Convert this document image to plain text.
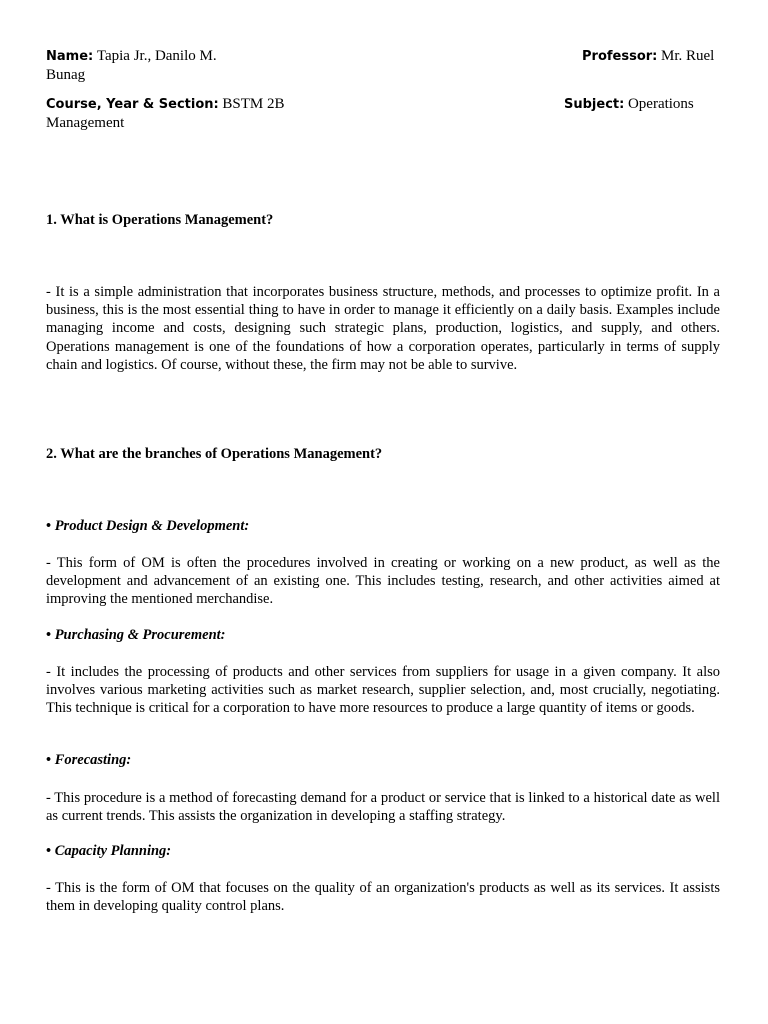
Name: Tapia Jr., Danilo M. Bunag
Professor: Mr. Ruel
Course, Year & Section: BSTM 2B	Subject: Operations Management

1. What is Operations Management?

- It is a simple administration that incorporates business structure, methods, and processes to optimize profit. In a business, this is the most essential thing to have in order to manage it efficiently on a daily basis. Examples include managing income and costs, designing such strategic plans, production, logistics, and supply, and others. Operations management is one of the foundations of how a corporation operates, particularly in terms of supply chain and logistics. Of course, without these, the firm may not be able to survive.

2. What are the branches of Operations Management?

• Product Design & Development:

- This form of OM is often the procedures involved in creating or working on a new product, as well as the development and advancement of an existing one. This includes testing, research, and other activities aimed at improving the mentioned merchandise.

• Purchasing & Procurement:

- It includes the processing of products and other services from suppliers for usage in a given company. It also involves various marketing activities such as market research, supplier selection, and, most crucially, negotiating. This technique is critical for a corporation to have more resources to produce a large quantity of items or goods.

• Forecasting:

- This procedure is a method of forecasting demand for a product or service that is linked to a historical date as well as current trends. This assists the organization in developing a staffing strategy.

• Capacity Planning:

- This is the form of OM that focuses on the quality of an organization's products as well as its services. It assists them in developing quality control plans.
